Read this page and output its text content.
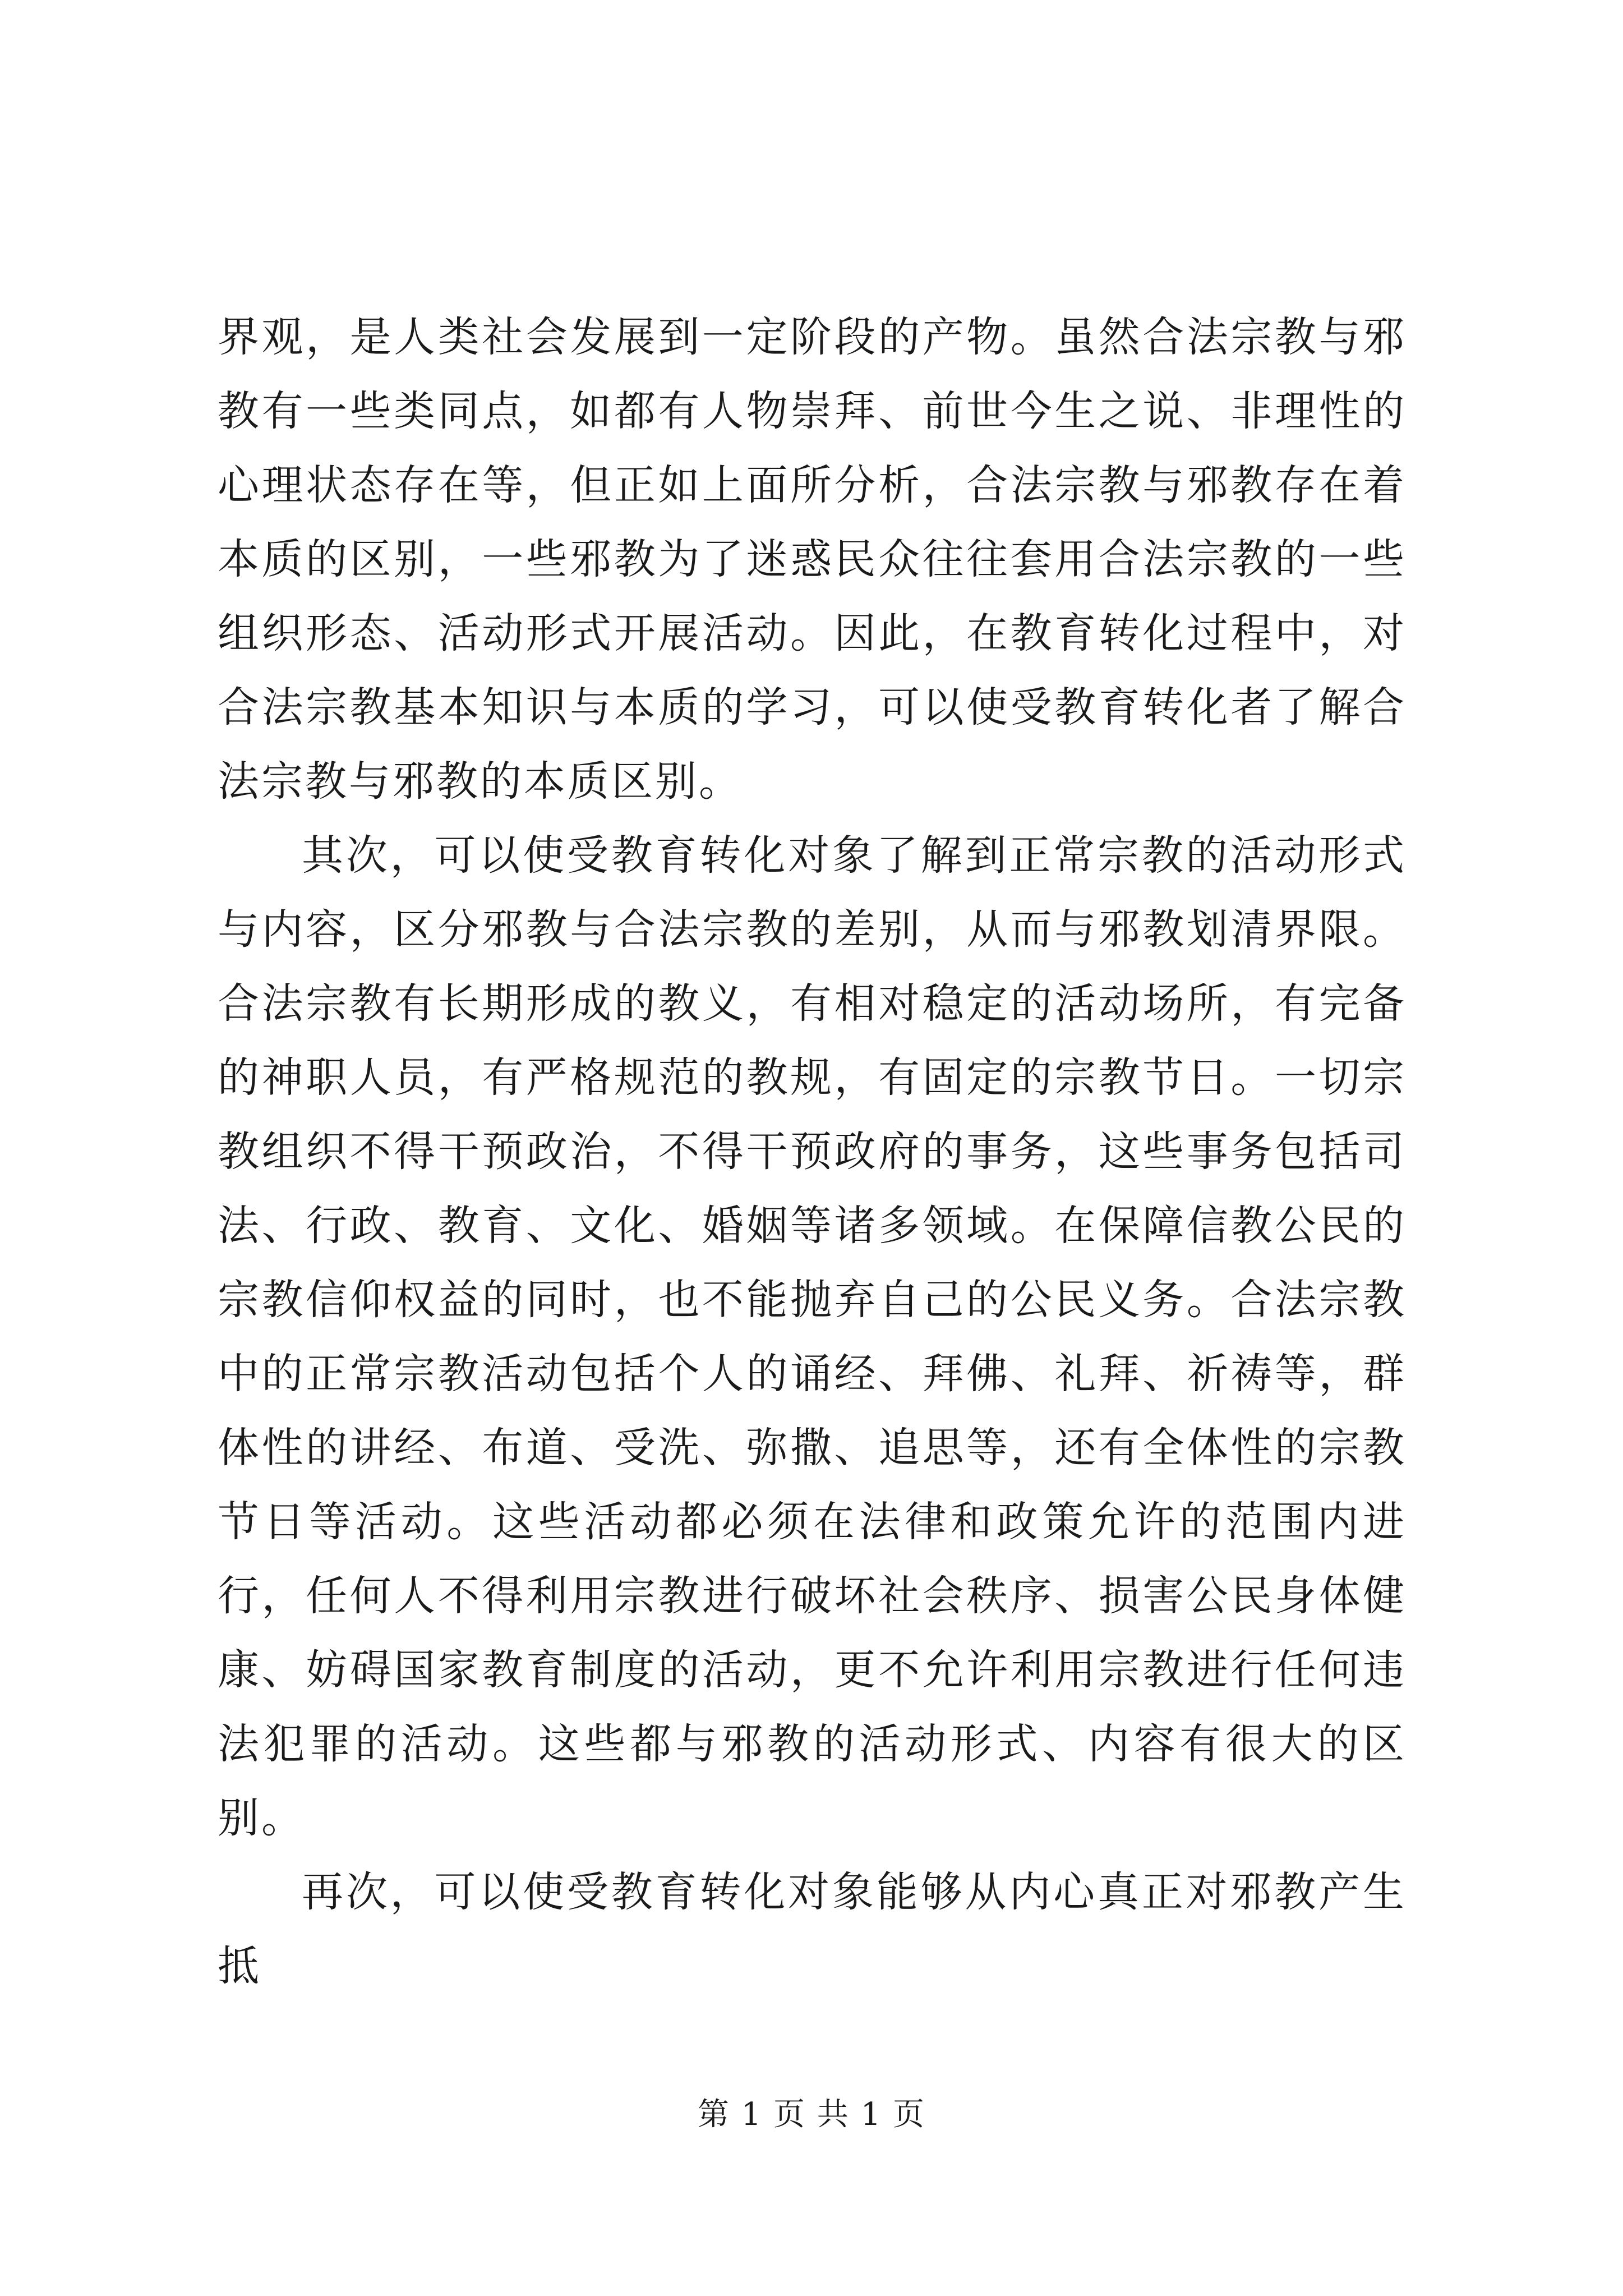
界观，是人类社会发展到一定阶段的产物。虽然合法宗教与邪教有一些类同点，如都有人物崇拜、前世今生之说、非理性的心理状态存在等，但正如上面所分析，合法宗教与邪教存在着本质的区别，一些邪教为了迷惑民众往往套用合法宗教的一些组织形态、活动形式开展活动。因此，在教育转化过程中，对合法宗教基本知识与本质的学习，可以使受教育转化者了解合法宗教与邪教的本质区别。

其次，可以使受教育转化对象了解到正常宗教的活动形式与内容，区分邪教与合法宗教的差别，从而与邪教划清界限。合法宗教有长期形成的教义，有相对稳定的活动场所，有完备的神职人员，有严格规范的教规，有固定的宗教节日。一切宗教组织不得干预政治，不得干预政府的事务，这些事务包括司法、行政、教育、文化、婚姻等诸多领域。在保障信教公民的宗教信仰权益的同时，也不能抛弃自己的公民义务。合法宗教中的正常宗教活动包括个人的诵经、拜佛、礼拜、祈祷等，群体性的讲经、布道、受洗、弥撒、追思等，还有全体性的宗教节日等活动。这些活动都必须在法律和政策允许的范围内进行，任何人不得利用宗教进行破坏社会秩序、损害公民身体健康、妨碍国家教育制度的活动，更不允许利用宗教进行任何违法犯罪的活动。这些都与邪教的活动形式、内容有很大的区别。

再次，可以使受教育转化对象能够从内心真正对邪教产生抵

第 1 页 共 1 页
